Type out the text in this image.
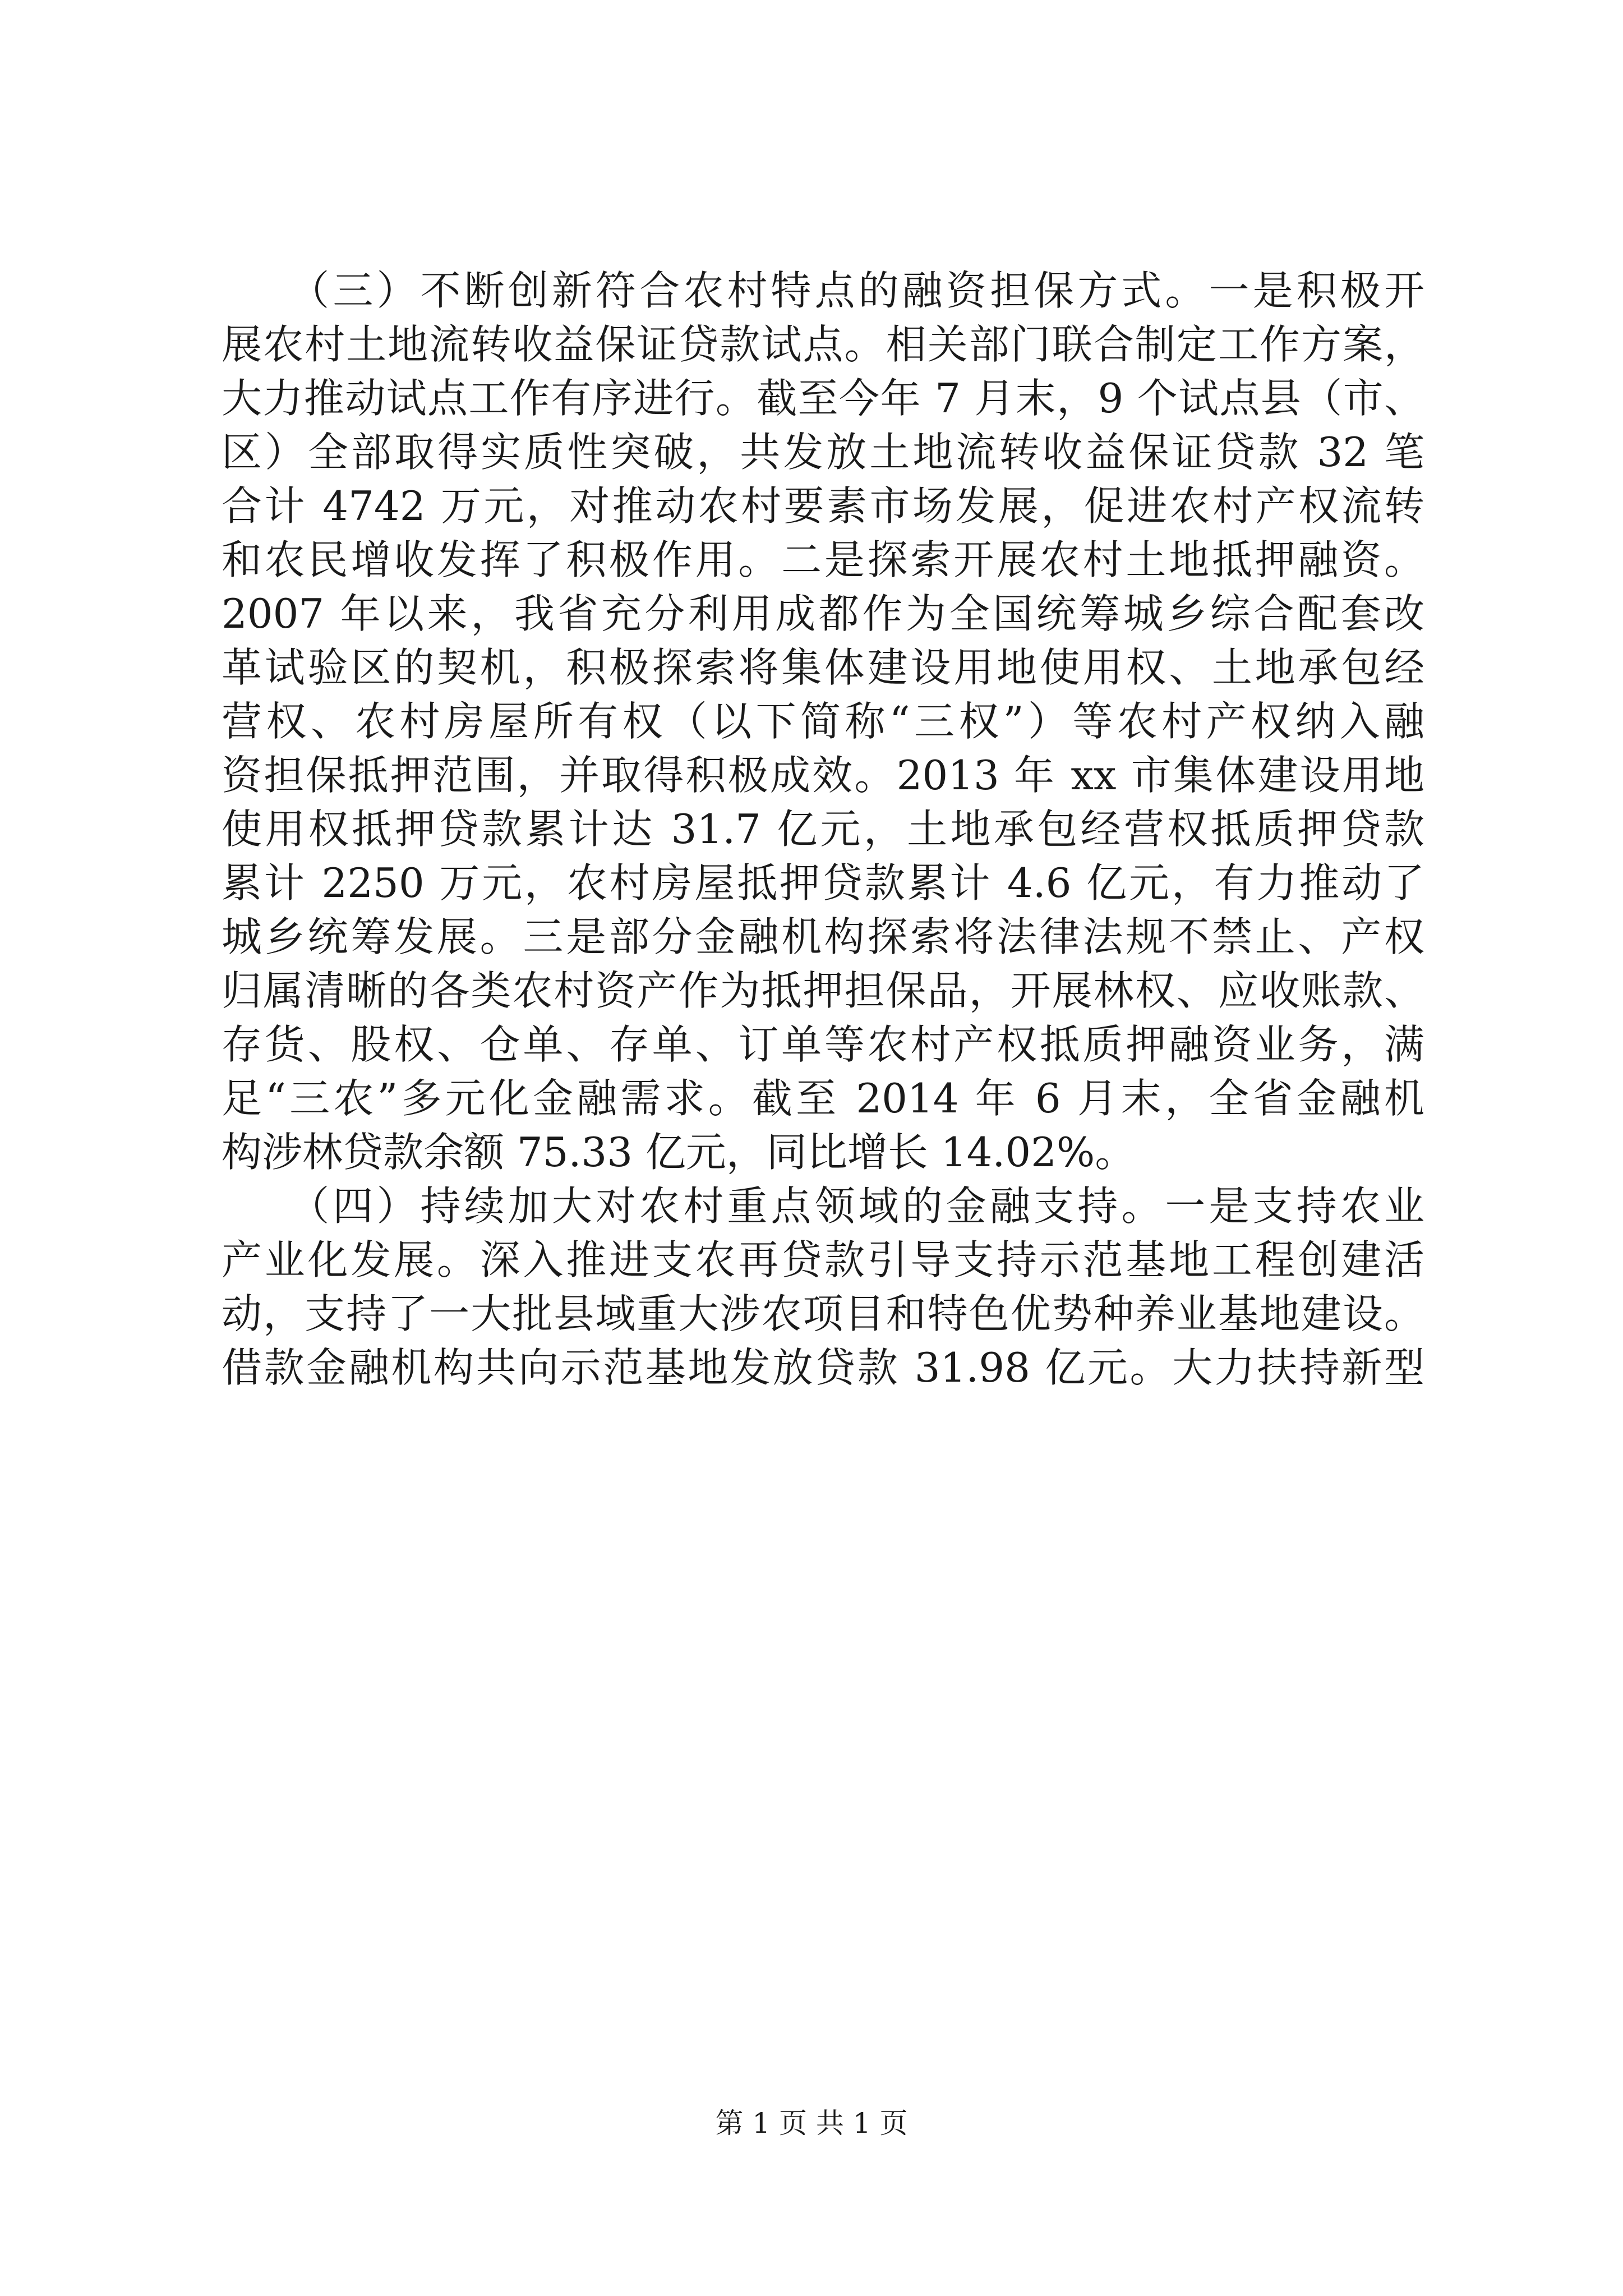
　　（三）不断创新符合农村特点的融资担保方式。一是积极开
展农村土地流转收益保证贷款试点。相关部门联合制定工作方案，
大力推动试点工作有序进行。截至今年 7 月末，9 个试点县（市、
区）全部取得实质性突破，共发放土地流转收益保证贷款 32 笔
合计 4742 万元，对推动农村要素市场发展，促进农村产权流转
和农民增收发挥了积极作用。二是探索开展农村土地抵押融资。
2007 年以来，我省充分利用成都作为全国统筹城乡综合配套改
革试验区的契机，积极探索将集体建设用地使用权、土地承包经
营权、农村房屋所有权（以下简称“三权”）等农村产权纳入融
资担保抵押范围，并取得积极成效。2013 年 xx 市集体建设用地
使用权抵押贷款累计达 31.7 亿元，土地承包经营权抵质押贷款
累计 2250 万元，农村房屋抵押贷款累计 4.6 亿元，有力推动了
城乡统筹发展。三是部分金融机构探索将法律法规不禁止、产权
归属清晰的各类农村资产作为抵押担保品，开展林权、应收账款、
存货、股权、仓单、存单、订单等农村产权抵质押融资业务，满
足“三农”多元化金融需求。截至 2014 年 6 月末，全省金融机
构涉林贷款余额 75.33 亿元，同比增长 14.02%。
　　（四）持续加大对农村重点领域的金融支持。一是支持农业
产业化发展。深入推进支农再贷款引导支持示范基地工程创建活
动，支持了一大批县域重大涉农项目和特色优势种养业基地建设。
借款金融机构共向示范基地发放贷款 31.98 亿元。大力扶持新型
第 1 页 共 1 页
